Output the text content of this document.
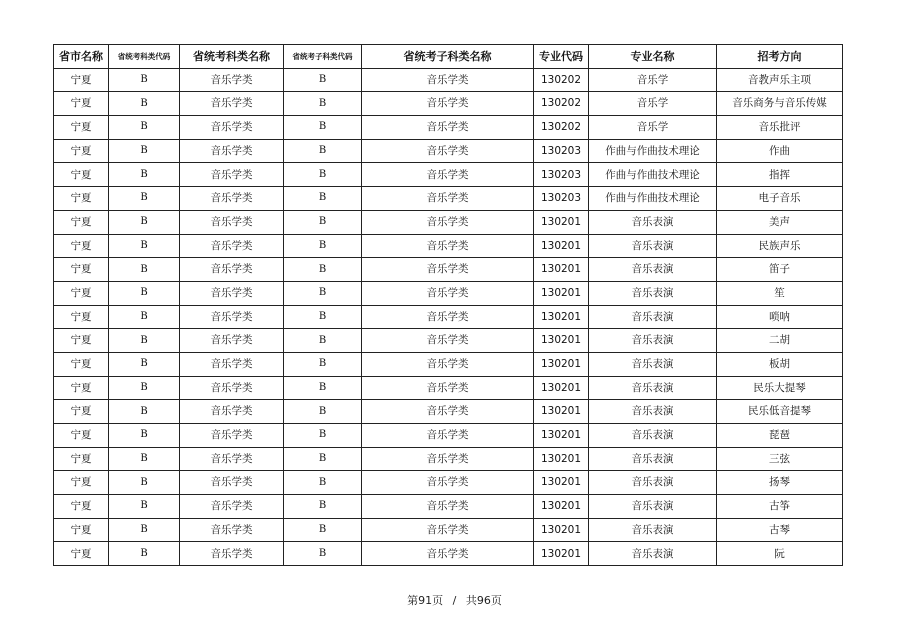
省市名称	省统考科类代码	省统考科类名称	省统考子科类代码	省统考子科类名称	专业代码	专业名称	招考方向
宁夏	B	音乐学类	B	音乐学类	130202	音乐学	音教声乐主项
宁夏	B	音乐学类	B	音乐学类	130202	音乐学	音乐商务与音乐传媒
宁夏	B	音乐学类	B	音乐学类	130202	音乐学	音乐批评
宁夏	B	音乐学类	B	音乐学类	130203	作曲与作曲技术理论	作曲
宁夏	B	音乐学类	B	音乐学类	130203	作曲与作曲技术理论	指挥
宁夏	B	音乐学类	B	音乐学类	130203	作曲与作曲技术理论	电子音乐
宁夏	B	音乐学类	B	音乐学类	130201	音乐表演	美声
宁夏	B	音乐学类	B	音乐学类	130201	音乐表演	民族声乐
宁夏	B	音乐学类	B	音乐学类	130201	音乐表演	笛子
宁夏	B	音乐学类	B	音乐学类	130201	音乐表演	笙
宁夏	B	音乐学类	B	音乐学类	130201	音乐表演	唢呐
宁夏	B	音乐学类	B	音乐学类	130201	音乐表演	二胡
宁夏	B	音乐学类	B	音乐学类	130201	音乐表演	板胡
宁夏	B	音乐学类	B	音乐学类	130201	音乐表演	民乐大提琴
宁夏	B	音乐学类	B	音乐学类	130201	音乐表演	民乐低音提琴
宁夏	B	音乐学类	B	音乐学类	130201	音乐表演	琵琶
宁夏	B	音乐学类	B	音乐学类	130201	音乐表演	三弦
宁夏	B	音乐学类	B	音乐学类	130201	音乐表演	扬琴
宁夏	B	音乐学类	B	音乐学类	130201	音乐表演	古筝
宁夏	B	音乐学类	B	音乐学类	130201	音乐表演	古琴
宁夏	B	音乐学类	B	音乐学类	130201	音乐表演	阮
第91页 / 共96页
